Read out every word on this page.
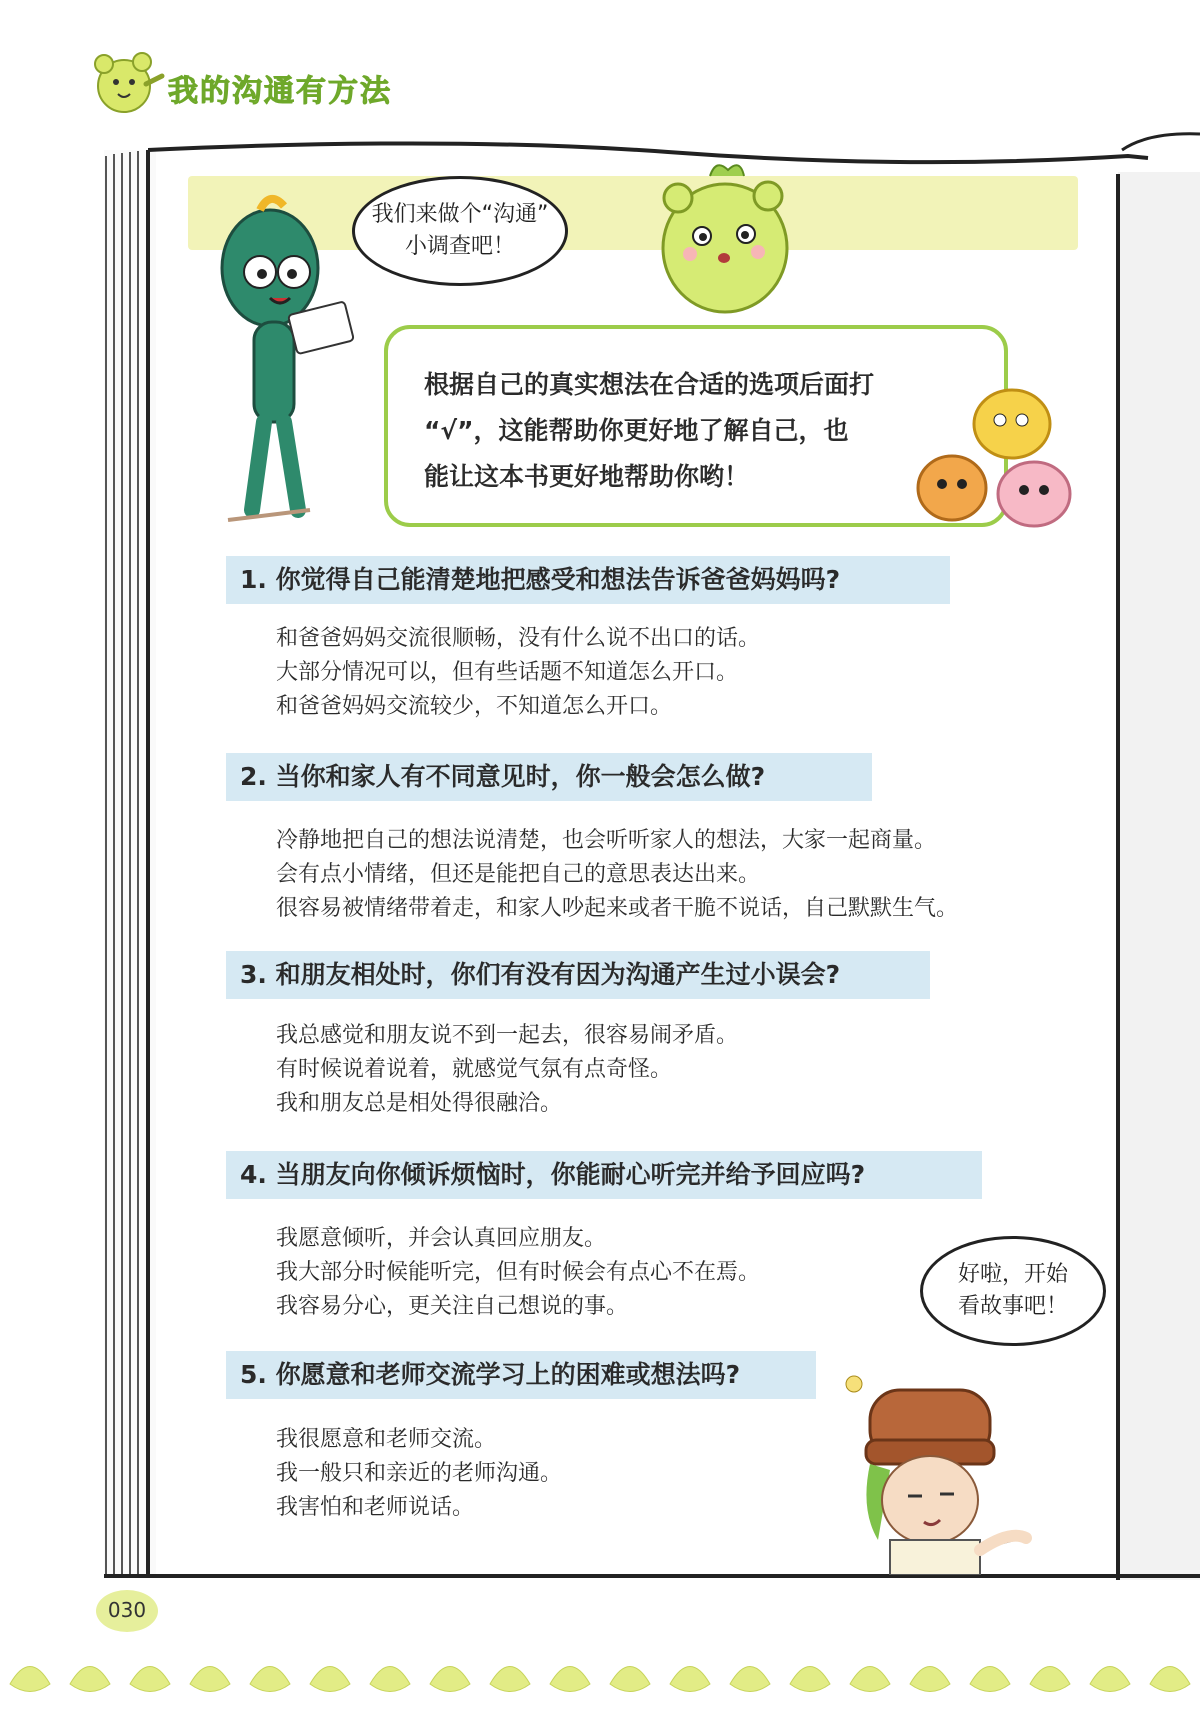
我的沟通有方法
我们来做个“沟通”
小调查吧！
根据自己的真实想法在合适的选项后面打
“√”，这能帮助你更好地了解自己，也
能让这本书更好地帮助你哟！
1. 你觉得自己能清楚地把感受和想法告诉爸爸妈妈吗?
和爸爸妈妈交流很顺畅，没有什么说不出口的话。
大部分情况可以，但有些话题不知道怎么开口。
和爸爸妈妈交流较少，不知道怎么开口。
2. 当你和家人有不同意见时，你一般会怎么做?
冷静地把自己的想法说清楚，也会听听家人的想法，大家一起商量。
会有点小情绪，但还是能把自己的意思表达出来。
很容易被情绪带着走，和家人吵起来或者干脆不说话，自己默默生气。
3. 和朋友相处时，你们有没有因为沟通产生过小误会?
我总感觉和朋友说不到一起去，很容易闹矛盾。
有时候说着说着，就感觉气氛有点奇怪。
我和朋友总是相处得很融洽。
4. 当朋友向你倾诉烦恼时，你能耐心听完并给予回应吗?
我愿意倾听，并会认真回应朋友。
我大部分时候能听完，但有时候会有点心不在焉。
我容易分心，更关注自己想说的事。
5. 你愿意和老师交流学习上的困难或想法吗?
我很愿意和老师交流。
我一般只和亲近的老师沟通。
我害怕和老师说话。
好啦，开始
看故事吧！
030
